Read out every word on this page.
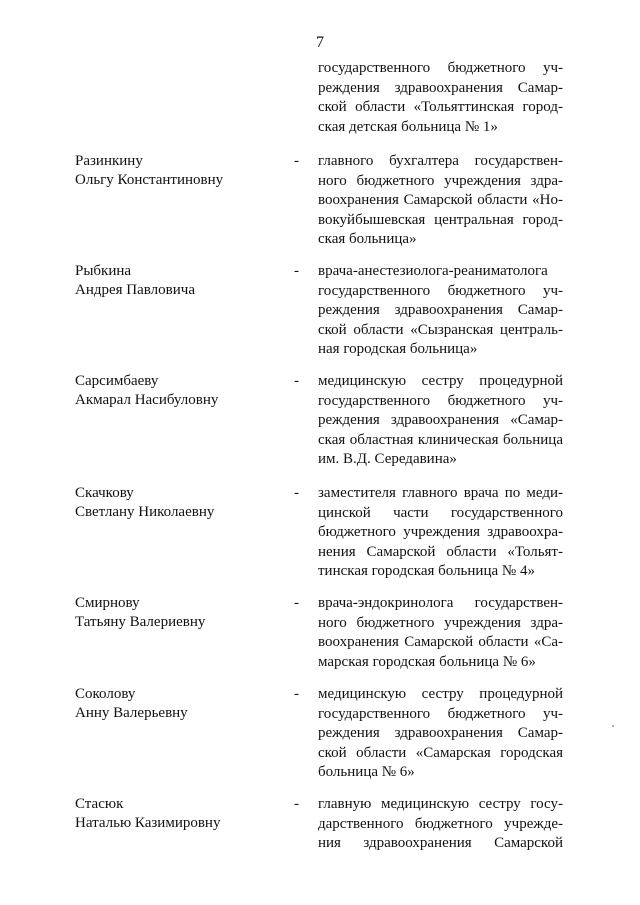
7
государственного бюджетного уч-
реждения здравоохранения Самар-
ской области «Тольяттинская город-
ская детская больница № 1»
Разинкину
Ольгу Константиновну
- главного бухгалтера государствен-
ного бюджетного учреждения здра-
воохранения Самарской области «Но-
вокуйбышевская центральная город-
ская больница»
Рыбкина
Андрея Павловича
- врача-анестезиолога-реаниматолога
государственного бюджетного уч-
реждения здравоохранения Самар-
ской области «Сызранская централь-
ная городская больница»
Сарсимбаеву
Акмарал Насибуловну
- медицинскую сестру процедурной
государственного бюджетного уч-
реждения здравоохранения «Самар-
ская областная клиническая больница
им. В.Д. Середавина»
Скачкову
Светлану Николаевну
- заместителя главного врача по меди-
цинской части государственного
бюджетного учреждения здравоохра-
нения Самарской области «Тольят-
тинская городская больница № 4»
Смирнову
Татьяну Валериевну
- врача-эндокринолога государствен-
ного бюджетного учреждения здра-
воохранения Самарской области «Са-
марская городская больница № 6»
Соколову
Анну Валерьевну
- медицинскую сестру процедурной
государственного бюджетного уч-
реждения здравоохранения Самар-
ской области «Самарская городская
больница № 6»
Стасюк
Наталью Казимировну
- главную медицинскую сестру госу-
дарственного бюджетного учрежде-
ния здравоохранения Самарской
